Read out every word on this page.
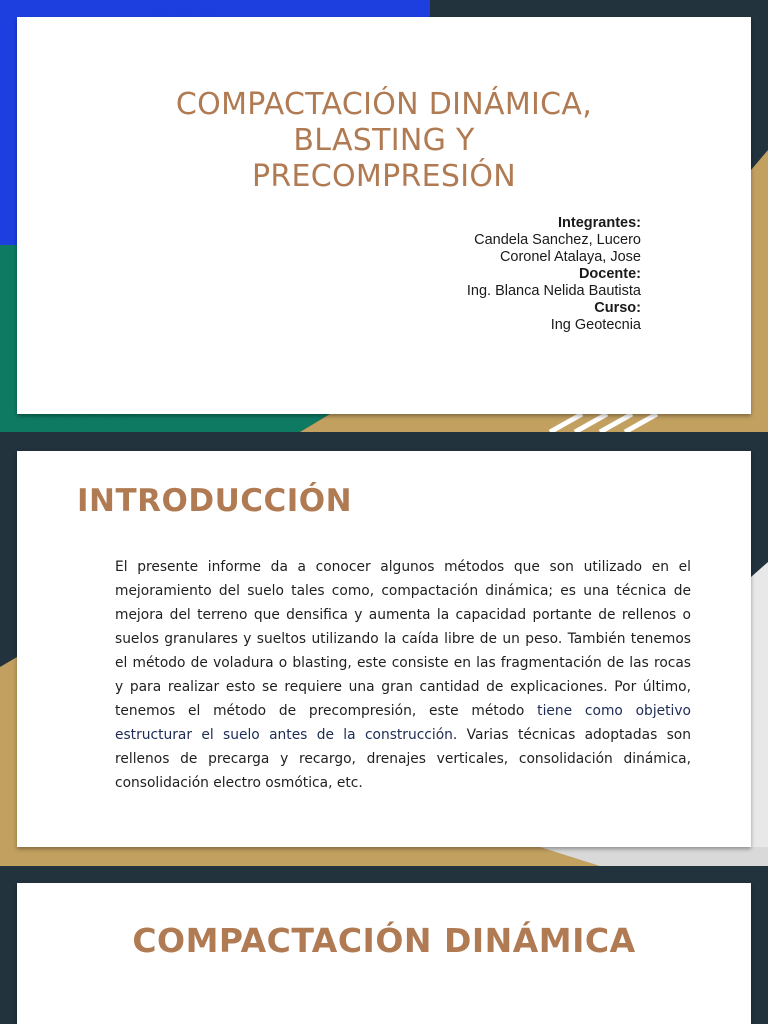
COMPACTACIÓN DINÁMICA,
BLASTING Y
PRECOMPRESIÓN
Integrantes:
Candela Sanchez, Lucero
Coronel Atalaya, Jose
Docente:
Ing. Blanca Nelida Bautista
Curso:
Ing Geotecnia
INTRODUCCIÓN
El presente informe da a conocer algunos métodos que son utilizado en el mejoramiento del suelo tales como, compactación dinámica; es una técnica de mejora del terreno que densifica y aumenta la capacidad portante de rellenos o suelos granulares y sueltos utilizando la caída libre de un peso. También tenemos el método de voladura o blasting, este consiste en las fragmentación de las rocas y para realizar esto se requiere una gran cantidad de explicaciones. Por último, tenemos el método de precompresión, este método tiene como objetivo estructurar el suelo antes de la construcción. Varias técnicas adoptadas son rellenos de precarga y recargo, drenajes verticales, consolidación dinámica, consolidación electro osmótica, etc.
COMPACTACIÓN DINÁMICA
